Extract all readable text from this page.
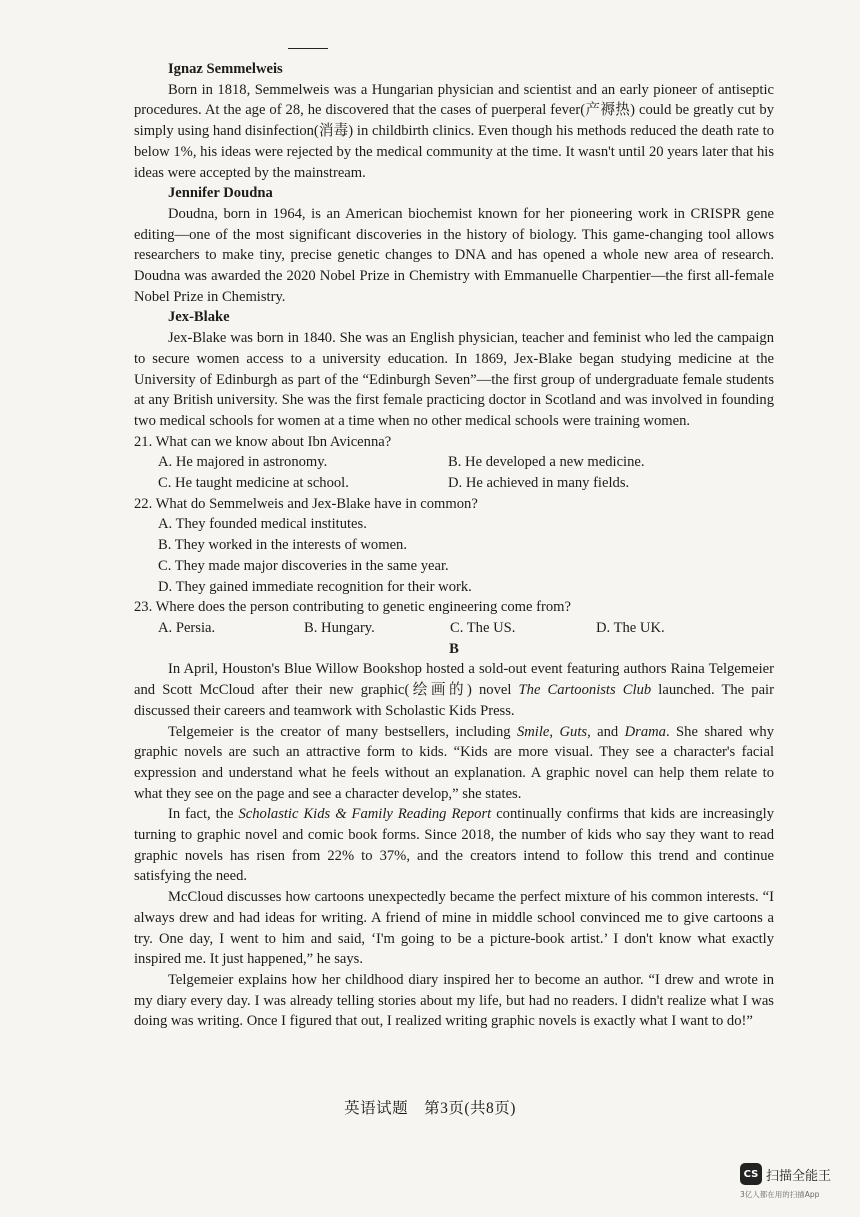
Ignaz Semmelweis

Born in 1818, Semmelweis was a Hungarian physician and scientist and an early pioneer of antiseptic procedures. At the age of 28, he discovered that the cases of puerperal fever(产褥热) could be greatly cut by simply using hand disinfection(消毒) in childbirth clinics. Even though his methods reduced the death rate to below 1%, his ideas were rejected by the medical community at the time. It wasn't until 20 years later that his ideas were accepted by the mainstream.

Jennifer Doudna

Doudna, born in 1964, is an American biochemist known for her pioneering work in CRISPR gene editing—one of the most significant discoveries in the history of biology. This game-changing tool allows researchers to make tiny, precise genetic changes to DNA and has opened a whole new area of research. Doudna was awarded the 2020 Nobel Prize in Chemistry with Emmanuelle Charpentier—the first all-female Nobel Prize in Chemistry.

Jex-Blake

Jex-Blake was born in 1840. She was an English physician, teacher and feminist who led the campaign to secure women access to a university education. In 1869, Jex-Blake began studying medicine at the University of Edinburgh as part of the “Edinburgh Seven”—the first group of undergraduate female students at any British university. She was the first female practicing doctor in Scotland and was involved in founding two medical schools for women at a time when no other medical schools were training women.

21. What can we know about Ibn Avicenna?

A. He majored in astronomy.	B. He developed a new medicine.
C. He taught medicine at school.	D. He achieved in many fields.

22. What do Semmelweis and Jex-Blake have in common?

A. They founded medical institutes.

B. They worked in the interests of women.

C. They made major discoveries in the same year.

D. They gained immediate recognition for their work.

23. Where does the person contributing to genetic engineering come from?

A. Persia.	B. Hungary.	C. The US.	D. The UK.

B

In April, Houston's Blue Willow Bookshop hosted a sold-out event featuring authors Raina Telgemeier and Scott McCloud after their new graphic(绘画的) novel The Cartoonists Club launched. The pair discussed their careers and teamwork with Scholastic Kids Press.

Telgemeier is the creator of many bestsellers, including Smile, Guts, and Drama. She shared why graphic novels are such an attractive form to kids. “Kids are more visual. They see a character's facial expression and understand what he feels without an explanation. A graphic novel can help them relate to what they see on the page and see a character develop,” she states.

In fact, the Scholastic Kids & Family Reading Report continually confirms that kids are increasingly turning to graphic novel and comic book forms. Since 2018, the number of kids who say they want to read graphic novels has risen from 22% to 37%, and the creators intend to follow this trend and continue satisfying the need.

McCloud discusses how cartoons unexpectedly became the perfect mixture of his common interests. “I always drew and had ideas for writing. A friend of mine in middle school convinced me to give cartoons a try. One day, I went to him and said, ‘I'm going to be a picture-book artist.’ I don't know what exactly inspired me. It just happened,” he says.

Telgemeier explains how her childhood diary inspired her to become an author. “I drew and wrote in my diary every day. I was already telling stories about my life, but had no readers. I didn't realize what I was doing was writing. Once I figured that out, I realized writing graphic novels is exactly what I want to do!”

英语试题　第3页(共8页)
CS 扫描全能王
3亿人都在用的扫描App
